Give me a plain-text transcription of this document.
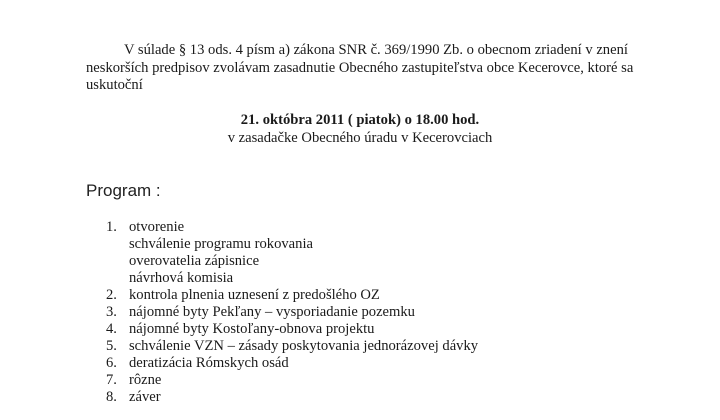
V súlade § 13 ods. 4 písm a) zákona SNR č. 369/1990 Zb. o obecnom zriadení v znení neskorších predpisov zvolávam zasadnutie Obecného zastupiteľstva obce Kecerovce, ktoré sa uskutoční

21. októbra 2011 ( piatok) o 18.00 hod.
v zasadačke Obecného úradu v Kecerovciach
Program :
1. otvorenie
schválenie programu rokovania
overovatelia zápisnice
návrhová komisia
2. kontrola plnenia uznesení z predošlého OZ
3. nájomné byty Pekľany – vysporiadanie pozemku
4. nájomné byty Kostoľany-obnova projektu
5. schválenie VZN – zásady poskytovania jednorázovej dávky
6. deratizácia Rómskych osád
7. rôzne
8. záver
